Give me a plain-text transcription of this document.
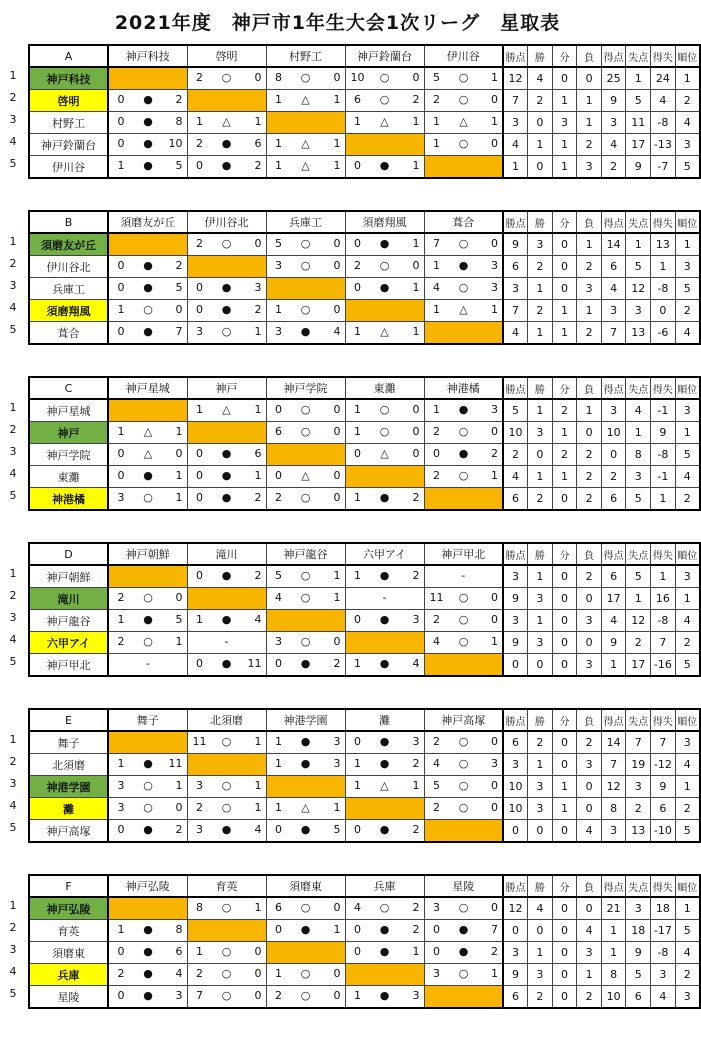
2021年度　神戸市1年生大会1次リーグ　星取表
1
2
3
4
5
A	神戸科技	啓明	村野工	神戸鈴蘭台	伊川谷	勝点	勝	分	負	得点	失点	得失	順位
神戸科技		2 ○ 0	8 ○ 0	10 ○ 0	5 ○ 1	12	4	0	0	25	1	24	1
啓明	0 ● 2		1 △ 1	6 ○ 2	2 ○ 0	7	2	1	1	9	5	4	2
村野工	0 ● 8	1 △ 1		1 △ 1	1 △ 1	3	0	3	1	3	11	-8	4
神戸鈴蘭台	0 ● 10	2 ● 6	1 △ 1		1 ○ 0	4	1	1	2	4	17	-13	3
伊川谷	1 ● 5	0 ● 2	1 △ 1	0 ● 1		1	0	1	3	2	9	-7	5
1
2
3
4
5
B	須磨友が丘	伊川谷北	兵庫工	須磨翔風	葺合	勝点	勝	分	負	得点	失点	得失	順位
須磨友が丘		2 ○ 0	5 ○ 0	0 ● 1	7 ○ 0	9	3	0	1	14	1	13	1
伊川谷北	0 ● 2		3 ○ 0	2 ○ 0	1 ● 3	6	2	0	2	6	5	1	3
兵庫工	0 ● 5	0 ● 3		0 ● 1	4 ○ 3	3	1	0	3	4	12	-8	5
須磨翔風	1 ○ 0	0 ● 2	1 ○ 0		1 △ 1	7	2	1	1	3	3	0	2
葺合	0 ● 7	3 ○ 1	3 ● 4	1 △ 1		4	1	1	2	7	13	-6	4
1
2
3
4
5
C	神戸星城	神戸	神戸学院	東灘	神港橘	勝点	勝	分	負	得点	失点	得失	順位
神戸星城		1 △ 1	0 ○ 0	1 ○ 0	1 ● 3	5	1	2	1	3	4	-1	3
神戸	1 △ 1		6 ○ 0	1 ○ 0	2 ○ 0	10	3	1	0	10	1	9	1
神戸学院	0 △ 0	0 ● 6		0 △ 0	0 ● 2	2	0	2	2	0	8	-8	5
東灘	0 ● 1	0 ● 1	0 △ 0		2 ○ 1	4	1	1	2	2	3	-1	4
神港橘	3 ○ 1	0 ● 2	2 ○ 0	1 ● 2		6	2	0	2	6	5	1	2
1
2
3
4
5
D	神戸朝鮮	滝川	神戸龍谷	六甲アイ	神戸甲北	勝点	勝	分	負	得点	失点	得失	順位
神戸朝鮮		0 ● 2	5 ○ 1	1 ● 2	-	3	1	0	2	6	5	1	3
滝川	2 ○ 0		4 ○ 1	-	11 ○ 0	9	3	0	0	17	1	16	1
神戸龍谷	1 ● 5	1 ● 4		0 ● 3	2 ○ 0	3	1	0	3	4	12	-8	4
六甲アイ	2 ○ 1	-	3 ○ 0		4 ○ 1	9	3	0	0	9	2	7	2
神戸甲北	-	0 ● 11	0 ● 2	1 ● 4		0	0	0	3	1	17	-16	5
1
2
3
4
5
E	舞子	北須磨	神港学園	灘	神戸高塚	勝点	勝	分	負	得点	失点	得失	順位
舞子		11 ○ 1	1 ● 3	0 ● 3	2 ○ 0	6	2	0	2	14	7	7	3
北須磨	1 ● 11		1 ● 3	1 ● 2	4 ○ 3	3	1	0	3	7	19	-12	4
神港学園	3 ○ 1	3 ○ 1		1 △ 1	5 ○ 0	10	3	1	0	12	3	9	1
灘	3 ○ 0	2 ○ 1	1 △ 1		2 ○ 0	10	3	1	0	8	2	6	2
神戸高塚	0 ● 2	3 ● 4	0 ● 5	0 ● 2		0	0	0	4	3	13	-10	5
1
2
3
4
5
F	神戸弘陵	育英	須磨東	兵庫	星陵	勝点	勝	分	負	得点	失点	得失	順位
神戸弘陵		8 ○ 1	6 ○ 0	4 ○ 2	3 ○ 0	12	4	0	0	21	3	18	1
育英	1 ● 8		0 ● 1	0 ● 2	0 ● 7	0	0	0	4	1	18	-17	5
須磨東	0 ● 6	1 ○ 0		0 ● 1	0 ● 2	3	1	0	3	1	9	-8	4
兵庫	2 ● 4	2 ○ 0	1 ○ 0		3 ○ 1	9	3	0	1	8	5	3	2
星陵	0 ● 3	7 ○ 0	2 ○ 0	1 ● 3		6	2	0	2	10	6	4	3
